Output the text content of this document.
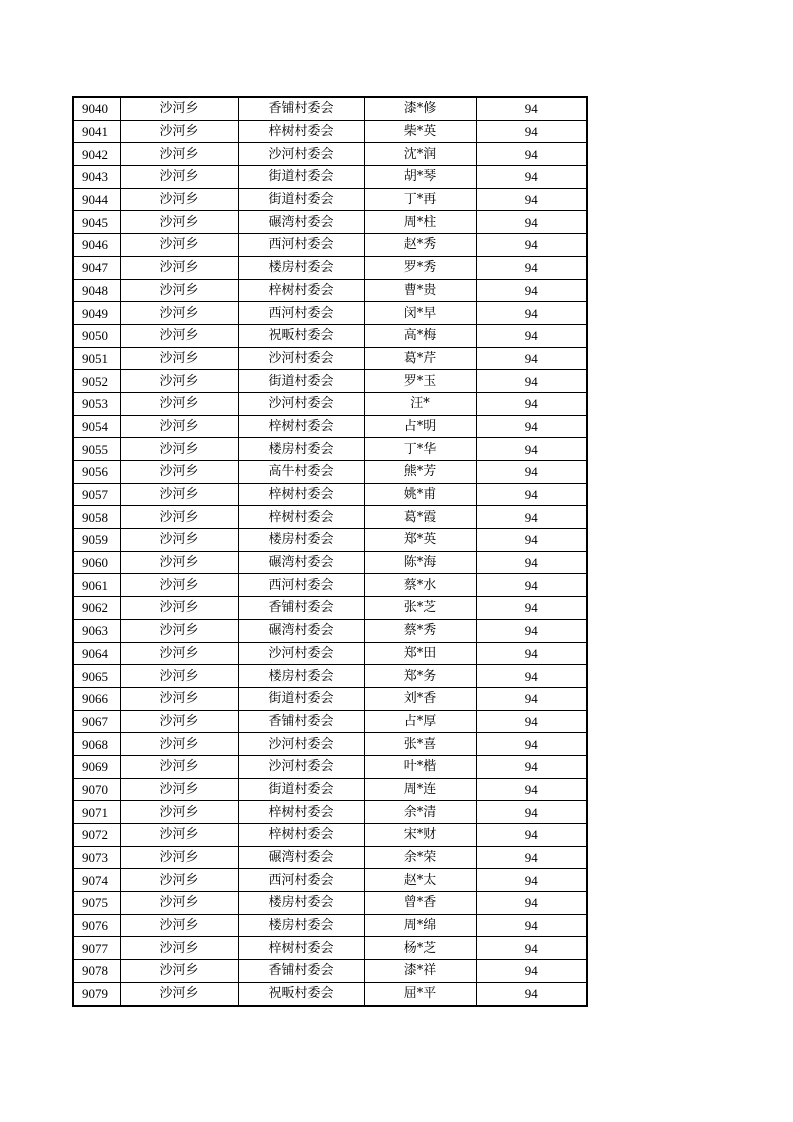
9040	沙河乡	香铺村委会	漆*修	94
9041	沙河乡	梓树村委会	柴*英	94
9042	沙河乡	沙河村委会	沈*润	94
9043	沙河乡	街道村委会	胡*琴	94
9044	沙河乡	街道村委会	丁*再	94
9045	沙河乡	碾湾村委会	周*柱	94
9046	沙河乡	西河村委会	赵*秀	94
9047	沙河乡	楼房村委会	罗*秀	94
9048	沙河乡	梓树村委会	曹*贵	94
9049	沙河乡	西河村委会	闵*早	94
9050	沙河乡	祝畈村委会	高*梅	94
9051	沙河乡	沙河村委会	葛*芹	94
9052	沙河乡	街道村委会	罗*玉	94
9053	沙河乡	沙河村委会	汪*	94
9054	沙河乡	梓树村委会	占*明	94
9055	沙河乡	楼房村委会	丁*华	94
9056	沙河乡	高牛村委会	熊*芳	94
9057	沙河乡	梓树村委会	姚*甫	94
9058	沙河乡	梓树村委会	葛*霞	94
9059	沙河乡	楼房村委会	郑*英	94
9060	沙河乡	碾湾村委会	陈*海	94
9061	沙河乡	西河村委会	蔡*水	94
9062	沙河乡	香铺村委会	张*芝	94
9063	沙河乡	碾湾村委会	蔡*秀	94
9064	沙河乡	沙河村委会	郑*田	94
9065	沙河乡	楼房村委会	郑*务	94
9066	沙河乡	街道村委会	刘*香	94
9067	沙河乡	香铺村委会	占*厚	94
9068	沙河乡	沙河村委会	张*喜	94
9069	沙河乡	沙河村委会	叶*楷	94
9070	沙河乡	街道村委会	周*连	94
9071	沙河乡	梓树村委会	余*清	94
9072	沙河乡	梓树村委会	宋*财	94
9073	沙河乡	碾湾村委会	余*荣	94
9074	沙河乡	西河村委会	赵*太	94
9075	沙河乡	楼房村委会	曾*香	94
9076	沙河乡	楼房村委会	周*绵	94
9077	沙河乡	梓树村委会	杨*芝	94
9078	沙河乡	香铺村委会	漆*祥	94
9079	沙河乡	祝畈村委会	屈*平	94
